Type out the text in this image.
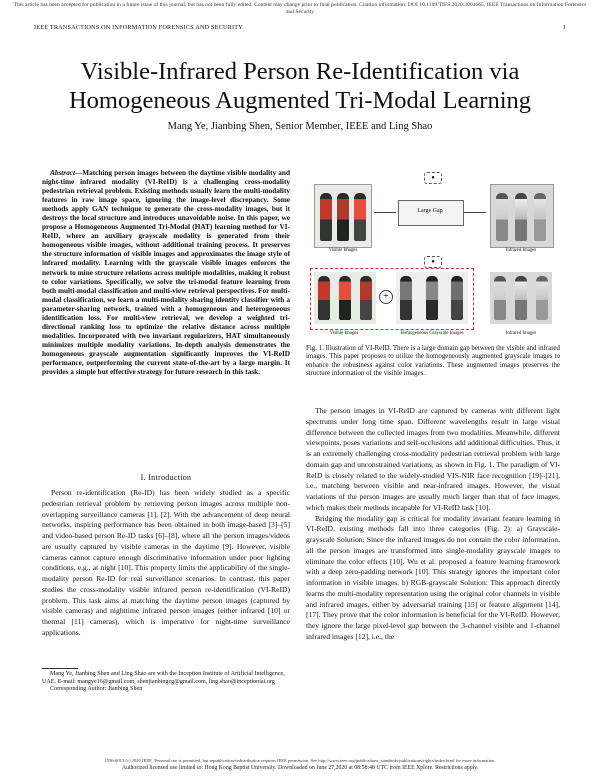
This article has been accepted for publication in a future issue of this journal, but has not been fully edited. Content may change prior to final publication. Citation information: DOI 10.1109/TIFS.2020.3001665, IEEE Transactions on Information Forensics and Security
IEEE TRANSACTIONS ON INFORMATION FORENSICS AND SECURITY	1
Visible-Infrared Person Re-Identification via Homogeneous Augmented Tri-Modal Learning
Mang Ye, Jianbing Shen, Senior Member, IEEE and Ling Shao
Abstract—Matching person images between the daytime visible modality and night-time infrared modality (VI-ReID) is a challenging cross-modality pedestrian retrieval problem. Existing methods usually learn the multi-modality features in raw image space, ignoring the image-level discrepancy. Some methods apply GAN technique to generate the cross-modality images, but it destroys the local structure and introduces unavoidable noise. In this paper, we propose a Homogeneous Augmented Tri-Modal (HAT) learning method for VI-ReID, where an auxiliary grayscale modality is generated from their homogeneous visible images, without additional training process. It preserves the structure information of visible images and approximates the image style of infrared modality. Learning with the grayscale visible images enforces the network to mine structure relations across multiple modalities, making it robust to color variations. Specifically, we solve the tri-modal feature learning from both multi-modal classification and multi-view retrieval perspectives. For multi-modal classification, we learn a multi-modality sharing identity classifier with a parameter-sharing network, trained with a homogeneous and heterogeneous identification loss. For multi-view retrieval, we develop a weighted tri-directional ranking loss to optimize the relative distance across multiple modalities. Incorporated with two invariant regularizers, HAT simultaneously minimizes multiple modality variations. In-depth analysis demonstrates the homogeneous grayscale augmentation significantly improves the VI-ReID performance, outperforming the current state-of-the-art by a large margin. It provides a simple but effective strategy for future research in this task.
I. Introduction
Person re-identification (Re-ID) has been widely studied as a specific pedestrian retrieval problem by retrieving person images across multiple non-overlapping surveillance cameras [1], [2]. With the advancement of deep neural networks, inspiring performance has been obtained in both image-based [3]–[5] and video-based person Re-ID tasks [6]–[8], where all the person images/videos are usually captured by visible cameras in the daytime [9]. However, visible cameras cannot capture enough discriminative information under poor lighting conditions, e.g., at night [10]. This property limits the applicability of the single-modality person Re-ID for real surveillance scenarios. In contrast, this paper studies the cross-modality visible infrared person re-identification (VI-ReID) problem. This task aims at matching the daytime person images (captured by visible cameras) and nighttime infrared person images (either infrared [10] or thermal [11] cameras), which is imperative for night-time surveillance applications.
Mang Ye, Jianbing Shen and Ling Shao are with the Inception Institute of Artificial Intelligence, UAE. E-mail: mangye16@gmail.com, shenjianbingcg@gmail.com, ling.shao@inceptioniai.org
Corresponding Author: Jianbing Shen
Visible Images
●
Large Gap
Infrared Images
●
+
Visible Images	Homogeneous Grayscale Images	Infrared Images
Fig. 1. Illustration of VI-ReID. There is a large domain gap between the visible and infrared images. This paper proposes to utilize the homogeneously augmented grayscale images to enhance the robustness against color variations. These augmented images preserves the structure information of the visible images.

The person images in VI-ReID are captured by cameras with different light spectrums under long time span. Different wavelengths result in large visual difference between the collected images from two modalities. Meanwhile, different viewpoints, poses variations and self-occlusions add additional difficulties. Thus, it is an extremely challenging cross-modality pedestrian retrieval problem with large domain gap and unconstrained variations, as shown in Fig. 1. The paradigm of VI-ReID is closely related to the widely-studied VIS-NIR face recognition [19]–[21], i.e., matching between visible and near-infrared images. However, the visual variations of the person images are usually much larger than that of face images, which makes their methods incapable for VI-ReID task [10].

Bridging the modality gap is critical for modality invariant feature learning in VI-ReID, existing methods fall into three categories (Fig. 2): a) Grayscale-grayscale Solution: Since the infrared images do not contain the color information, all the person images are transformed into single-modality grayscale images to eliminate the color effects [10]. Wu et al. proposed a feature learning framework with a deep zero-padding network [10]. This strategy ignores the important color information in visible images. b) RGB-grayscale Solution: This approach directly learns the multi-modality representation using the original color channels in visible and infrared images, either by adversarial training [15] or feature alignment [14], [17]. They prove that the color information is beneficial for the VI-ReID. However, they ignore the large pixel-level gap between the 3-channel visible and 1-channel infrared images [12], i.e., the

1556-6013 (c) 2020 IEEE. Personal use is permitted, but republication/redistribution requires IEEE permission. See http://www.ieee.org/publications_standards/publications/rights/index.html for more information.
Authorized licensed use limited to: Hong Kong Baptist University. Downloaded on June 27,2020 at 08:58:48 UTC from IEEE Xplore. Restrictions apply.
